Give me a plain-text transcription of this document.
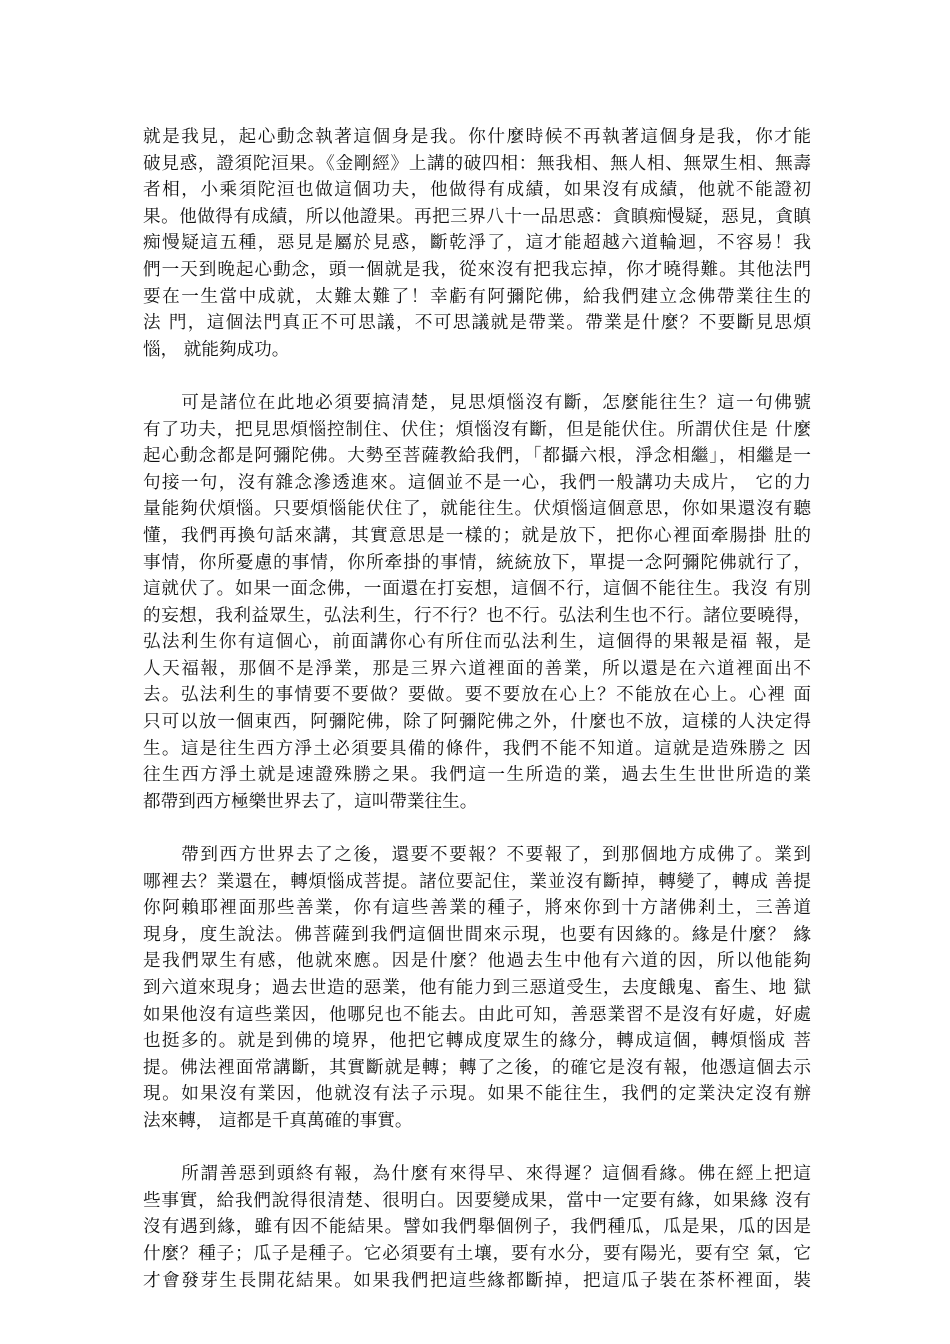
就是我見，起心動念執著這個身是我。你什麼時候不再執著這個身是我，你才能
破見惑，證須陀洹果。《金剛經》上講的破四相：無我相、無人相、無眾生相、無壽
者相，小乘須陀洹也做這個功夫，他做得有成績，如果沒有成績，他就不能證初
果。他做得有成績，所以他證果。再把三界八十一品思惑：貪瞋痴慢疑，惡見，貪瞋
痴慢疑這五種，惡見是屬於見惑，斷乾淨了，這才能超越六道輪迴，不容易！我
們一天到晚起心動念，頭一個就是我，從來沒有把我忘掉，你才曉得難。其他法門
要在一生當中成就，太難太難了！幸虧有阿彌陀佛，給我們建立念佛帶業往生的
法 門，這個法門真正不可思議，不可思議就是帶業。帶業是什麼？不要斷見思煩
惱， 就能夠成功。
　　可是諸位在此地必須要搞清楚，見思煩惱沒有斷，怎麼能往生？這一句佛號
有了功夫，把見思煩惱控制住、伏住；煩惱沒有斷，但是能伏住。所謂伏住是 什麼
起心動念都是阿彌陀佛。大勢至菩薩教給我們，「都攝六根，淨念相繼」，相繼是一
句接一句，沒有雜念滲透進來。這個並不是一心，我們一般講功夫成片， 它的力
量能夠伏煩惱。只要煩惱能伏住了，就能往生。伏煩惱這個意思，你如果還沒有聽
懂，我們再換句話來講，其實意思是一樣的；就是放下，把你心裡面牽腸掛 肚的
事情，你所憂慮的事情，你所牽掛的事情，統統放下，單提一念阿彌陀佛就行了，
這就伏了。如果一面念佛，一面還在打妄想，這個不行，這個不能往生。我沒 有別
的妄想，我利益眾生，弘法利生，行不行？也不行。弘法利生也不行。諸位要曉得，
弘法利生你有這個心，前面講你心有所住而弘法利生，這個得的果報是福 報，是
人天福報，那個不是淨業，那是三界六道裡面的善業，所以還是在六道裡面出不
去。弘法利生的事情要不要做？要做。要不要放在心上？不能放在心上。心裡 面
只可以放一個東西，阿彌陀佛，除了阿彌陀佛之外，什麼也不放，這樣的人決定得
生。這是往生西方淨土必須要具備的條件，我們不能不知道。這就是造殊勝之 因
往生西方淨土就是速證殊勝之果。我們這一生所造的業，過去生生世世所造的業
都帶到西方極樂世界去了，這叫帶業往生。
　　帶到西方世界去了之後，還要不要報？不要報了，到那個地方成佛了。業到
哪裡去？業還在，轉煩惱成菩提。諸位要記住，業並沒有斷掉，轉變了，轉成 善提
你阿賴耶裡面那些善業，你有這些善業的種子，將來你到十方諸佛剎土，三善道
現身，度生說法。佛菩薩到我們這個世間來示現，也要有因緣的。緣是什麼？ 緣
是我們眾生有感，他就來應。因是什麼？他過去生中他有六道的因，所以他能夠
到六道來現身；過去世造的惡業，他有能力到三惡道受生，去度餓鬼、畜生、地 獄
如果他沒有這些業因，他哪兒也不能去。由此可知，善惡業習不是沒有好處，好處
也挺多的。就是到佛的境界，他把它轉成度眾生的緣分，轉成這個，轉煩惱成 菩
提。佛法裡面常講斷，其實斷就是轉；轉了之後，的確它是沒有報，他憑這個去示
現。如果沒有業因，他就沒有法子示現。如果不能往生，我們的定業決定沒有辦
法來轉， 這都是千真萬確的事實。
　　所謂善惡到頭終有報，為什麼有來得早、來得遲？這個看緣。佛在經上把這
些事實，給我們說得很清楚、很明白。因要變成果，當中一定要有緣，如果緣 沒有
沒有遇到緣，雖有因不能結果。譬如我們舉個例子，我們種瓜，瓜是果，瓜的因是
什麼？種子；瓜子是種子。它必須要有土壤，要有水分，要有陽光，要有空 氣，它
才會發芽生長開花結果。如果我們把這些緣都斷掉，把這瓜子裝在茶杯裡面，裝
